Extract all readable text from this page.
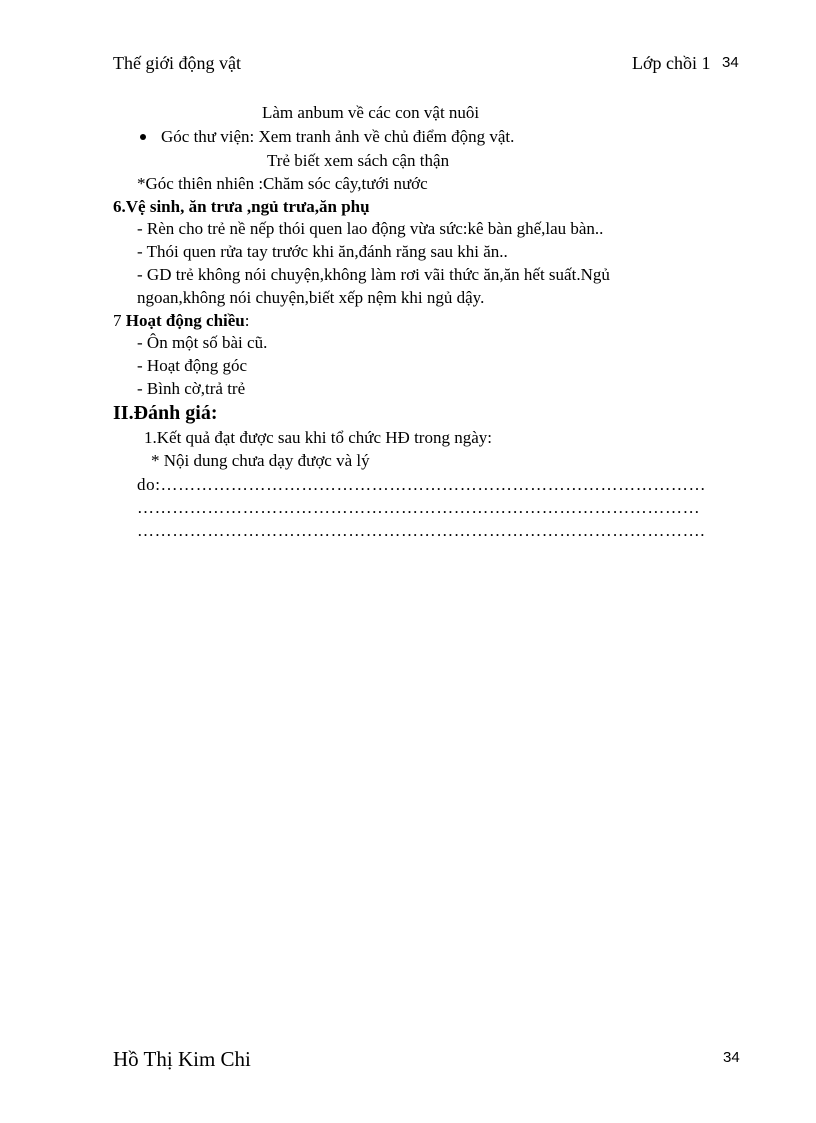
Thế giới động vật	Lớp chồi 1 34
Làm anbum về các con vật nuôi
Góc thư viện: Xem tranh ảnh về chủ điểm động vật.
Trẻ biết xem sách cận thận
*Góc thiên nhiên :Chăm sóc cây,tưới nước
6.Vệ sinh, ăn trưa ,ngủ trưa,ăn phụ
- Rèn cho trẻ nề nếp thói quen lao động vừa sức:kê bàn ghế,lau bàn..
- Thói quen rửa tay trước khi ăn,đánh răng sau khi ăn..
- GD trẻ không nói chuyện,không làm rơi vãi thức ăn,ăn hết suất.Ngủ
ngoan,không nói chuyện,biết xếp nệm khi ngủ dậy.
7 Hoạt động chiều:
- Ôn một số bài cũ.
- Hoạt động góc
- Bình cờ,trả trẻ
II.Đánh giá:
1.Kết quả đạt được sau khi tổ chức HĐ trong ngày:
* Nội dung chưa dạy được và lý
do:…………………………………………………………………………………
……………………………………………………………………………………
…………………………………………………………………………………….
Hồ Thị Kim Chi	34
